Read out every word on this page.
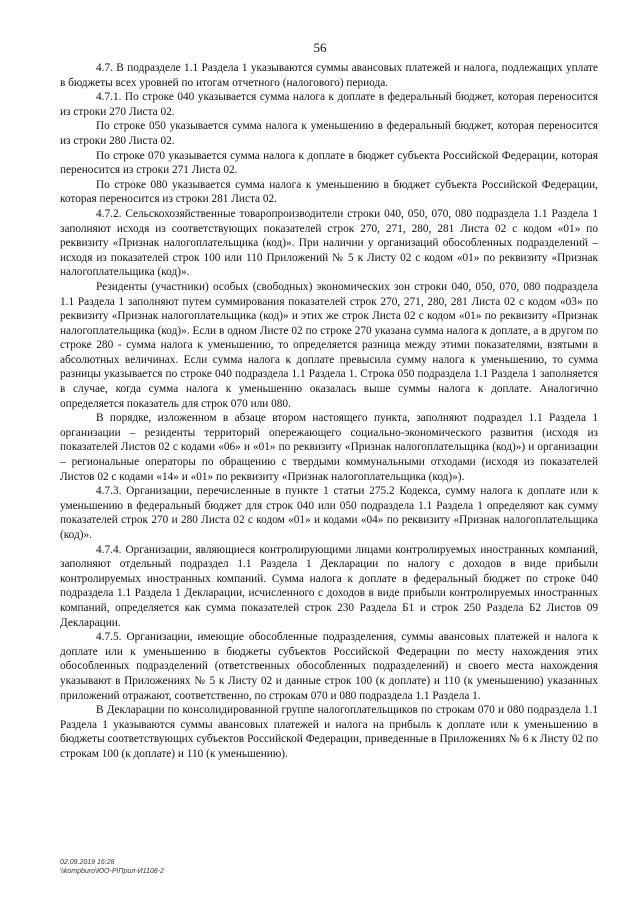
56

4.7. В подразделе 1.1 Раздела 1 указываются суммы авансовых платежей и налога, подлежащих уплате в бюджеты всех уровней по итогам отчетного (налогового) периода.

4.7.1. По строке 040 указывается сумма налога к доплате в федеральный бюджет, которая переносится из строки 270 Листа 02.

По строке 050 указывается сумма налога к уменьшению в федеральный бюджет, которая переносится из строки 280 Листа 02.

По строке 070 указывается сумма налога к доплате в бюджет субъекта Российской Федерации, которая переносится из строки 271 Листа 02.

По строке 080 указывается сумма налога к уменьшению в бюджет субъекта Российской Федерации, которая переносится из строки 281 Листа 02.

4.7.2. Сельскохозяйственные товаропроизводители строки 040, 050, 070, 080 подраздела 1.1 Раздела 1 заполняют исходя из соответствующих показателей строк 270, 271, 280, 281 Листа 02 с кодом «01» по реквизиту «Признак налогоплательщика (код)». При наличии у организаций обособленных подразделений – исходя из показателей строк 100 или 110 Приложений № 5 к Листу 02 с кодом «01» по реквизиту «Признак налогоплательщика (код)».

Резиденты (участники) особых (свободных) экономических зон строки 040, 050, 070, 080 подраздела 1.1 Раздела 1 заполняют путем суммирования показателей строк 270, 271, 280, 281 Листа 02 с кодом «03» по реквизиту «Признак налогоплательщика (код)» и этих же строк Листа 02 с кодом «01» по реквизиту «Признак налогоплательщика (код)». Если в одном Листе 02 по строке 270 указана сумма налога к доплате, а в другом по строке 280 - сумма налога к уменьшению, то определяется разница между этими показателями, взятыми в абсолютных величинах. Если сумма налога к доплате превысила сумму налога к уменьшению, то сумма разницы указывается по строке 040 подраздела 1.1 Раздела 1. Строка 050 подраздела 1.1 Раздела 1 заполняется в случае, когда сумма налога к уменьшению оказалась выше суммы налога к доплате. Аналогично определяется показатель для строк 070 или 080.

В порядке, изложенном в абзаце втором настоящего пункта, заполняют подраздел 1.1 Раздела 1 организации – резиденты территорий опережающего социально-экономического развития (исходя из показателей Листов 02 с кодами «06» и «01» по реквизиту «Признак налогоплательщика (код)») и организации – региональные операторы по обращению с твердыми коммунальными отходами (исходя из показателей Листов 02 с кодами «14» и «01» по реквизиту «Признак налогоплательщика (код)»).

4.7.3. Организации, перечисленные в пункте 1 статьи 275.2 Кодекса, сумму налога к доплате или к уменьшению в федеральный бюджет для строк 040 или 050 подраздела 1.1 Раздела 1 определяют как сумму показателей строк 270 и 280 Листа 02 с кодом «01» и кодами «04» по реквизиту «Признак налогоплательщика (код)».

4.7.4. Организации, являющиеся контролирующими лицами контролируемых иностранных компаний, заполняют отдельный подраздел 1.1 Раздела 1 Декларации по налогу с доходов в виде прибыли контролируемых иностранных компаний. Сумма налога к доплате в федеральный бюджет по строке 040 подраздела 1.1 Раздела 1 Декларации, исчисленного с доходов в виде прибыли контролируемых иностранных компаний, определяется как сумма показателей строк 230 Раздела Б1 и строк 250 Раздела Б2 Листов 09 Декларации.

4.7.5. Организации, имеющие обособленные подразделения, суммы авансовых платежей и налога к доплате или к уменьшению в бюджеты субъектов Российской Федерации по месту нахождения этих обособленных подразделений (ответственных обособленных подразделений) и своего места нахождения указывают в Приложениях № 5 к Листу 02 и данные строк 100 (к доплате) и 110 (к уменьшению) указанных приложений отражают, соответственно, по строкам 070 и 080 подраздела 1.1 Раздела 1.

В Декларации по консолидированной группе налогоплательщиков по строкам 070 и 080 подраздела 1.1 Раздела 1 указываются суммы авансовых платежей и налога на прибыль к доплате или к уменьшению в бюджеты соответствующих субъектов Российской Федерации, приведенные в Приложениях № 6 к Листу 02 по строкам 100 (к доплате) и 110 (к уменьшению).

02.09.2019 16:28
\\kompburo\ЮО-Р\Прил-И1108-2
